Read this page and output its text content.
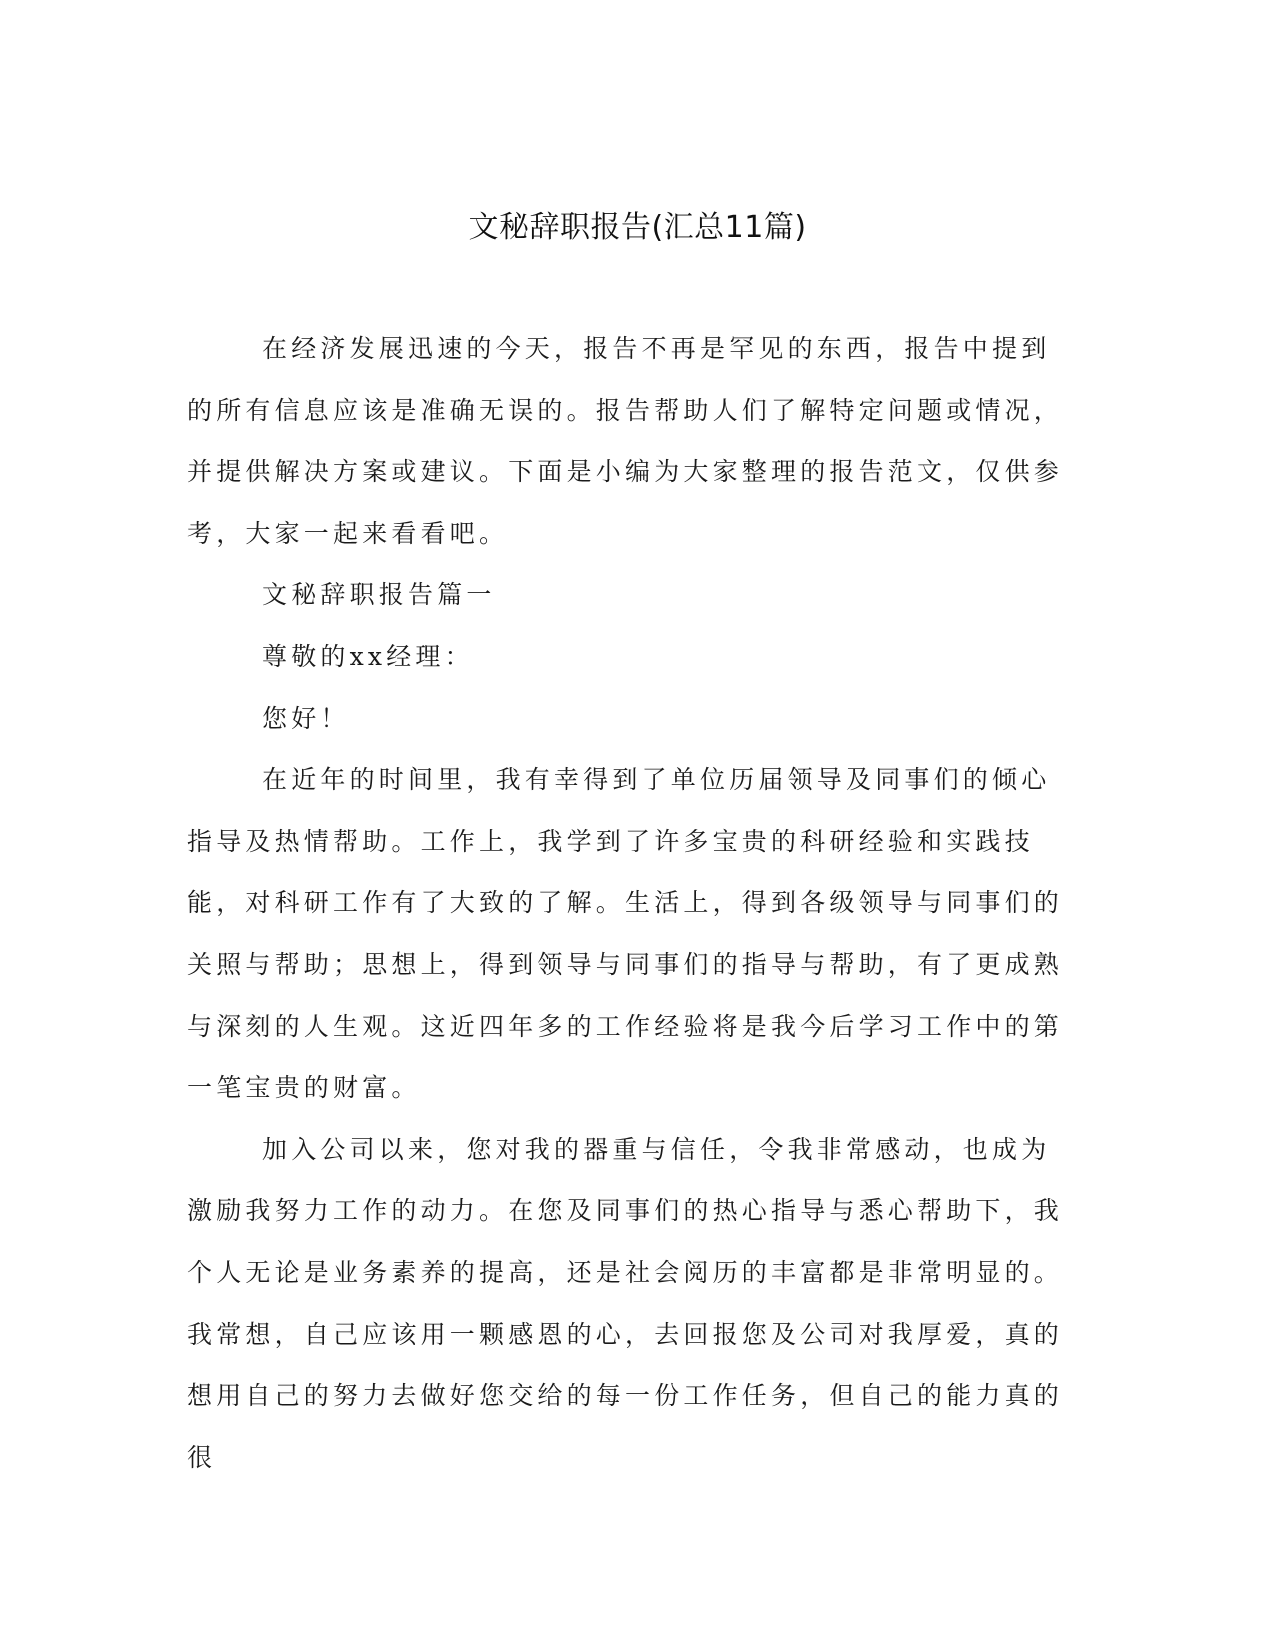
文秘辞职报告(汇总11篇)

在经济发展迅速的今天，报告不再是罕见的东西，报告中提到的所有信息应该是准确无误的。报告帮助人们了解特定问题或情况，并提供解决方案或建议。下面是小编为大家整理的报告范文，仅供参考，大家一起来看看吧。

文秘辞职报告篇一

尊敬的xx经理：

您好！

在近年的时间里，我有幸得到了单位历届领导及同事们的倾心指导及热情帮助。工作上，我学到了许多宝贵的科研经验和实践技能，对科研工作有了大致的了解。生活上，得到各级领导与同事们的关照与帮助；思想上，得到领导与同事们的指导与帮助，有了更成熟与深刻的人生观。这近四年多的工作经验将是我今后学习工作中的第一笔宝贵的财富。

加入公司以来，您对我的器重与信任，令我非常感动，也成为激励我努力工作的动力。在您及同事们的热心指导与悉心帮助下，我个人无论是业务素养的提高，还是社会阅历的丰富都是非常明显的。我常想，自己应该用一颗感恩的心，去回报您及公司对我厚爱，真的想用自己的努力去做好您交给的每一份工作任务，但自己的能力真的很
